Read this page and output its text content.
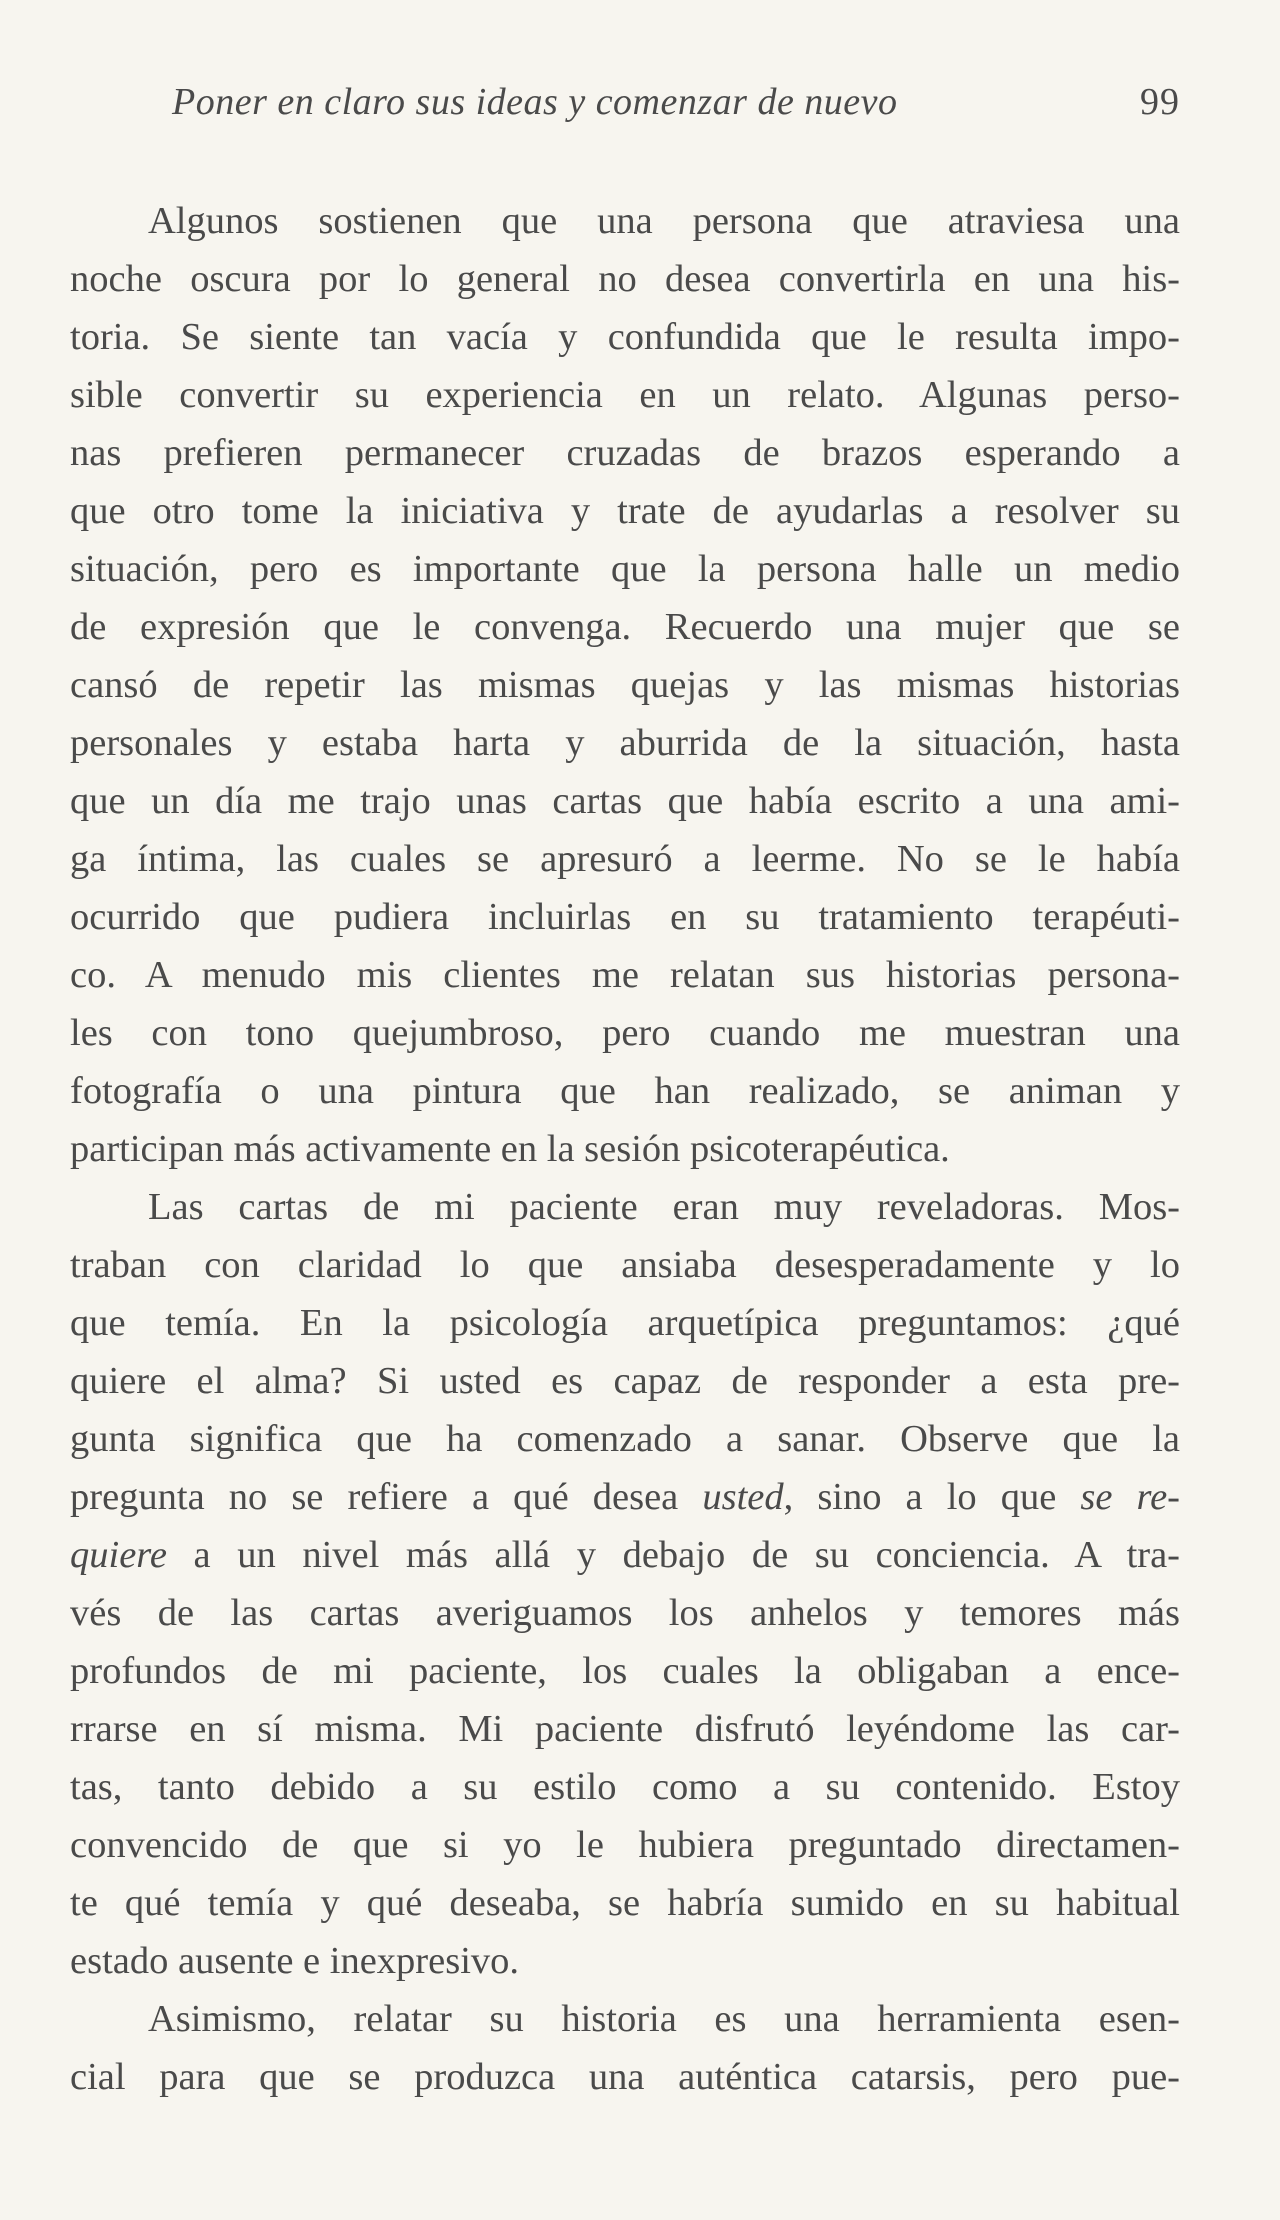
Poner en claro sus ideas y comenzar de nuevo	99
Algunos sostienen que una persona que atraviesa una
noche oscura por lo general no desea convertirla en una his-
toria. Se siente tan vacía y confundida que le resulta impo-
sible convertir su experiencia en un relato. Algunas perso-
nas prefieren permanecer cruzadas de brazos esperando a
que otro tome la iniciativa y trate de ayudarlas a resolver su
situación, pero es importante que la persona halle un medio
de expresión que le convenga. Recuerdo una mujer que se
cansó de repetir las mismas quejas y las mismas historias
personales y estaba harta y aburrida de la situación, hasta
que un día me trajo unas cartas que había escrito a una ami-
ga íntima, las cuales se apresuró a leerme. No se le había
ocurrido que pudiera incluirlas en su tratamiento terapéuti-
co. A menudo mis clientes me relatan sus historias persona-
les con tono quejumbroso, pero cuando me muestran una
fotografía o una pintura que han realizado, se animan y
participan más activamente en la sesión psicoterapéutica.
Las cartas de mi paciente eran muy reveladoras. Mos-
traban con claridad lo que ansiaba desesperadamente y lo
que temía. En la psicología arquetípica preguntamos: ¿qué
quiere el alma? Si usted es capaz de responder a esta pre-
gunta significa que ha comenzado a sanar. Observe que la
pregunta no se refiere a qué desea usted, sino a lo que se re-
quiere a un nivel más allá y debajo de su conciencia. A tra-
vés de las cartas averiguamos los anhelos y temores más
profundos de mi paciente, los cuales la obligaban a ence-
rrarse en sí misma. Mi paciente disfrutó leyéndome las car-
tas, tanto debido a su estilo como a su contenido. Estoy
convencido de que si yo le hubiera preguntado directamen-
te qué temía y qué deseaba, se habría sumido en su habitual
estado ausente e inexpresivo.
Asimismo, relatar su historia es una herramienta esen-
cial para que se produzca una auténtica catarsis, pero pue-
